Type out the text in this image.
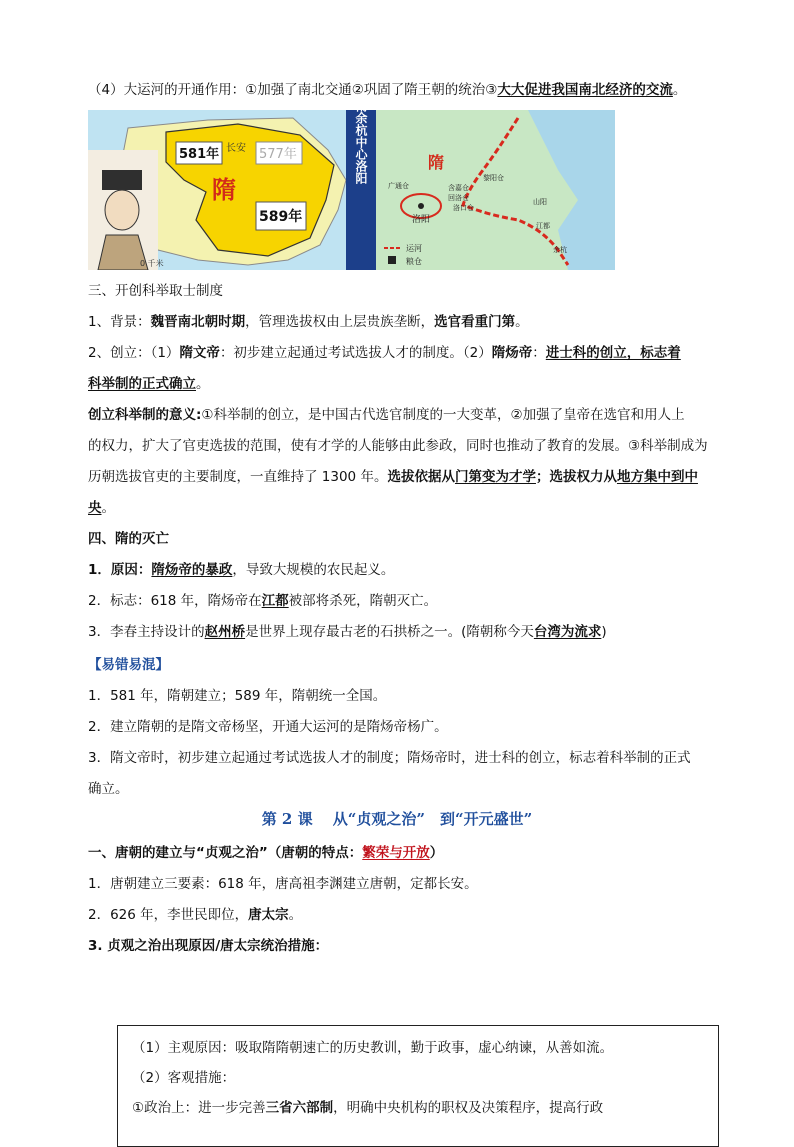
（4）大运河的开通作用：①加强了南北交通②巩固了隋王朝的统治③大大促进我国南北经济的交流。
581年 长安 577年
隋
589年
0 千米
北涿郡南余杭中心洛阳	隋
洛阳
含嘉仓
回洛仓
洛口仓
黎阳仓
广通仓
山阳
江都
余杭
运河
粮仓
三、开创科举取士制度
1、背景：魏晋南北朝时期，管理选拔权由上层贵族垄断，选官看重门第。
2、创立：（1）隋文帝：初步建立起通过考试选拔人才的制度。（2）隋炀帝：进士科的创立，标志着
科举制的正式确立。
创立科举制的意义:①科举制的创立，是中国古代选官制度的一大变革，②加强了皇帝在选官和用人上
的权力，扩大了官吏选拔的范围，使有才学的人能够由此参政，同时也推动了教育的发展。③科举制成为
历朝选拔官吏的主要制度，一直维持了 1300 年。选拔依据从门第变为才学；选拔权力从地方集中到中
央。
四、隋的灭亡
1．原因：隋炀帝的暴政，导致大规模的农民起义。
2．标志：618 年，隋炀帝在江都被部将杀死，隋朝灭亡。
3．李春主持设计的赵州桥是世界上现存最古老的石拱桥之一。(隋朝称今天台湾为流求)
【易错易混】
1．581 年，隋朝建立；589 年，隋朝统一全国。
2．建立隋朝的是隋文帝杨坚，开通大运河的是隋炀帝杨广。
3．隋文帝时，初步建立起通过考试选拔人才的制度；隋炀帝时，进士科的创立，标志着科举制的正式
确立。
第 2 课　 从“贞观之治”　到“开元盛世”
一、唐朝的建立与“贞观之治”（唐朝的特点：繁荣与开放）
1．唐朝建立三要素：618 年，唐高祖李渊建立唐朝，定都长安。
2．626 年，李世民即位，唐太宗。
3. 贞观之治出现原因/唐太宗统治措施：
（1）主观原因：吸取隋隋朝速亡的历史教训，勤于政事，虚心纳谏，从善如流。
（2）客观措施：
①政治上：进一步完善三省六部制，明确中央机构的职权及决策程序，提高行政
